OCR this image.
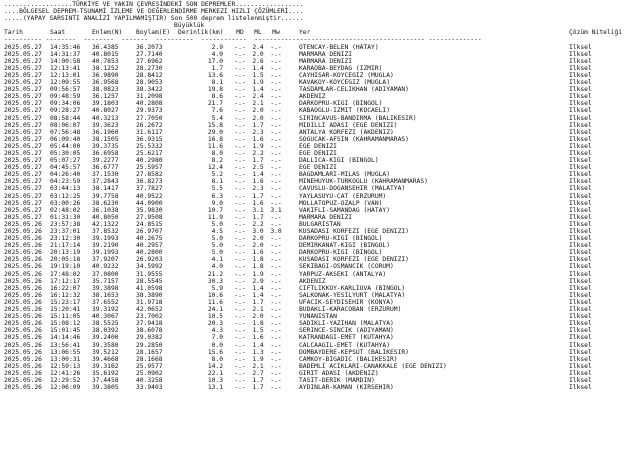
..................TÜRKİYE VE YAKIN ÇEVRESİNDEKİ SON DEPREMLER..................
....BÖLGESEL DEPREM-TSUNAMİ İZLEME VE DEĞERLENDİRME MERKEZİ HIZLI ÇÖZÜMLERİ....
.....(YAPAY SARSINTI ANALİZİ YAPILMAMIŞTIR) Son 500 deprem listelenmiştir......
Büyüklük
Tarih	Saat	Enlem(N)	Boylam(E)	Derinlik(km)	MD	ML	Mw	Yer	Çözüm Niteliği
---------- --------  --------  -------  ----------  ------------  --------------------------------------------- --------------
2025.05.27	14:35:46	36.4385	36.2073	2.9	-.-	2.4	-.-	OTENCAY-BELEN (HATAY)	İlksel
2025.05.27	14:31:37	40.8015	27.7140	4.0	-.-	2.0	-.-	MARMARA DENIZI	İlksel
2025.05.27	14:00:58	40.7853	27.6962	17.0	-.-	2.6	-.-	MARMARA DENIZI	İlksel
2025.05.27	12:13:41	38.1252	28.2730	1.7	-.-	1.4	-.-	KARAOBA-BEYDAG (IZMIR)	İlksel
2025.05.27	12:13:01	36.9890	28.8412	13.6	-.-	1.5	-.-	CAYHISAR-KOYCEGIZ (MUGLA)	İlksel
2025.05.27	12:09:55	36.9568	28.9053	8.1	-.-	1.9	-.-	KAVAKOY-KOYCEGIZ (MUGLA)	İlksel
2025.05.27	09:56:57	38.0823	38.3422	19.8	-.-	1.4	-.-	TASDAMLAR-CELIKHAN (ADIYAMAN)	İlksel
2025.05.27	09:48:59	36.1257	31.2098	8.6	-.-	2.4	-.-	AKDENIZ	İlksel
2025.05.27	09:34:06	39.1803	40.2808	21.7	-.-	2.1	-.-	DARKOPRU-KIGI (BINGOL)	İlksel
2025.05.27	09:28:27	40.8027	29.9373	7.6	-.-	2.0	-.-	KABAOGLU-IZMIT (KOCAELI)	İlksel
2025.05.27	08:58:44	40.3213	27.7050	5.4	-.-	2.0	-.-	SIRINCAVUS-BANDIRMA (BALIKESIR)	İlksel
2025.05.27	08:06:07	39.3623	26.2672	15.8	-.-	1.7	-.-	MIDILLI ADASI (EGE DENIZI)	İlksel
2025.05.27	07:56:48	36.1960	31.6117	29.0	-.-	2.3	-.-	ANTALYA KORFEZI (AKDENIZ)	İlksel
2025.05.27	06:09:40	38.1505	36.9315	16.8	-.-	1.6	-.-	SOGUCAK-AFSIN (KAHRAMANMARAS)	İlksel
2025.05.27	05:44:00	39.3735	25.5332	11.6	-.-	1.9	-.-	EGE DENIZI	İlksel
2025.05.27	05:30:05	36.6958	25.6217	8.0	-.-	2.2	-.-	EGE DENIZI	İlksel
2025.05.27	05:07:27	39.2277	40.2980	8.2	-.-	1.7	-.-	DALLICA-KIGI (BINGOL)	İlksel
2025.05.27	04:45:57	36.6777	25.5957	12.4	-.-	2.5	-.-	EGE DENIZI	İlksel
2025.05.27	04:26:40	37.1530	27.8582	5.2	-.-	1.4	-.-	BAGDAMLARI-MILAS (MUGLA)	İlksel
2025.05.27	04:23:59	37.2843	36.8273	8.1	-.-	1.6	-.-	MINEHUYUK-TURKOGLU (KAHRAMANMARAS)	İlksel
2025.05.27	03:44:13	38.1417	37.7827	5.5	-.-	2.3	-.-	CAVUSLU-DOGANSEHIR (MALATYA)	İlksel
2025.05.27	03:12:25	39.7758	40.9522	6.3	-.-	1.7	-.-	YAYLASUYU-CAT (ERZURUM)	İlksel
2025.05.27	03:00:26	38.6230	44.0900	9.0	-.-	1.6	-.-	MOLLATOPUZ-OZALP (VAN)	İlksel
2025.05.27	02:48:02	36.1038	35.9830	10.7	-.-	3.1	3.1	VAKIFLI-SAMANDAG (HATAY)	İlksel
2025.05.27	01:31:30	40.8050	27.9508	11.9	-.-	1.7	-.-	MARMARA DENIZI	İlksel
2025.05.26	23:57:38	42.1322	24.8515	5.0	-.-	2.2	-.-	BULGARISTAN	İlksel
2025.05.26	23:37:01	37.8532	26.9707	4.5	-.-	3.0	3.0	KUSADASI KORFEZI (EGE DENIZI)	İlksel
2025.05.26	23:12:30	39.1993	40.2675	5.0	-.-	2.0	-.-	DARKOPRU-KIGI (BINGOL)	İlksel
2025.05.26	21:17:14	39.2190	40.2957	5.0	-.-	2.0	-.-	DEMIRKANAT-KIGI (BINGOL)	İlksel
2025.05.26	20:13:19	39.1993	40.2800	5.0	-.-	1.6	-.-	DARKOPRU-KIGI (BINGOL)	İlksel
2025.05.26	20:05:18	37.9207	26.9203	4.1	-.-	1.8	-.-	KUSADASI KORFEZI (EGE DENIZI)	İlksel
2025.05.26	19:19:10	40.9232	34.5992	4.0	-.-	1.8	-.-	SEKIBAGI-OSMANCIK (CORUM)	İlksel
2025.05.26	17:48:02	37.0800	31.9555	21.2	-.-	1.9	-.-	YARPUZ-AKSEKI (ANTALYA)	İlksel
2025.05.26	17:12:17	35.7157	28.5545	30.3	-.-	2.9	-.-	AKDENIZ	İlksel
2025.05.26	16:22:07	39.3898	41.0598	5.9	-.-	1.4	-.-	CIFTLIKKOY-KARLIOVA (BINGOL)	İlksel
2025.05.26	16:12:32	38.1653	38.3890	10.6	-.-	1.4	-.-	SALKONAK-YESILYURT (MALATYA)	İlksel
2025.05.26	15:23:17	37.6552	31.9718	11.6	-.-	1.7	-.-	UFACIK-SEYDISEHIR (KONYA)	İlksel
2025.05.26	15:20:41	39.3192	42.0652	24.1	-.-	2.1	-.-	BUDAKLI-KARACOBAN (ERZURUM)	İlksel
2025.05.26	15:11:05	40.3067	23.7002	10.5	-.-	2.0	-.-	YUNANISTAN	İlksel
2025.05.26	15:08:12	38.5525	37.9418	20.3	-.-	1.8	-.-	SADIKLI-YAZIHAN (MALATYA)	İlksel
2025.05.26	15:01:45	38.0392	38.6078	4.3	-.-	1.5	-.-	SERINCE-SINCIK (ADIYAMAN)	İlksel
2025.05.26	14:14:46	39.2400	29.0382	7.0	-.-	1.6	-.-	KATRANDAGI-EMET (KUTAHYA)	İlksel
2025.05.26	13:56:41	39.3580	29.2850	0.0	-.-	1.4	-.-	CALCAAGIL-EMET (KUTAHYA)	İlksel
2025.05.26	13:06:55	39.5212	28.1657	15.6	-.-	1.3	-.-	DOMBAYDERE-KEPSUT (BALIKESIR)	İlksel
2025.05.26	13:00:31	39.4668	28.1668	8.0	-.-	1.9	-.-	CAMKOY-BIGADIC (BALIKESIR)	İlksel
2025.05.26	12:59:13	39.3162	25.9577	14.2	-.-	2.1	-.-	BADEMLI ACIKLARI-CANAKKALE (EGE DENIZI)	İlksel
2025.05.26	12:41:26	35.6192	25.0902	22.1	-.-	2.7	-.-	GIRIT ADASI (AKDENIZ)	İlksel
2025.05.26	12:29:52	37.4458	40.3258	10.3	-.-	1.7	-.-	TASIT-DERIK (MARDIN)	İlksel
2025.05.26	12:06:09	39.3805	33.9403	13.1	-.-	1.7	-.-	AYDINLAR-KAMAN (KIRSEHIR)	İlksel
